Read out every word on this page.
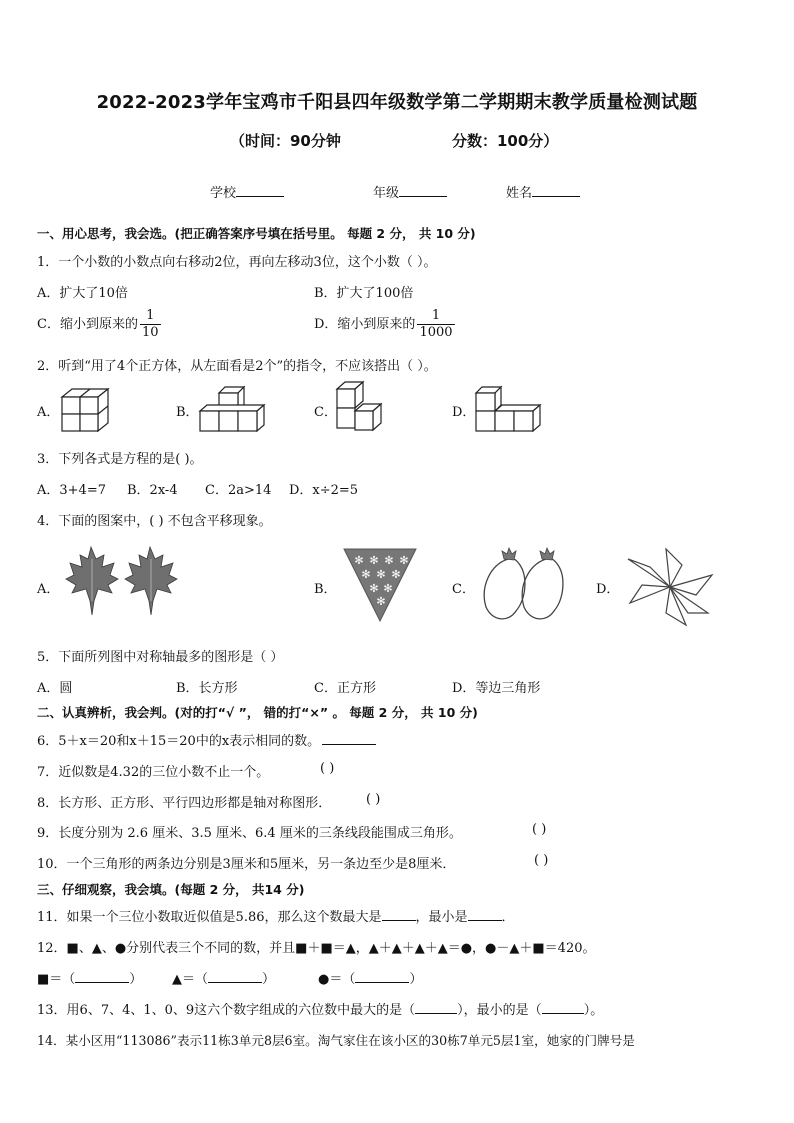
2022-2023学年宝鸡市千阳县四年级数学第二学期期末教学质量检测试题
（时间：90分钟	分数：100分）
学校	年级	姓名
一、用心思考，我会选。(把正确答案序号填在括号里。 每题 2 分， 共 10 分)
1．一个小数的小数点向右移动2位，再向左移动3位，这个小数（ ）。
A．扩大了10倍	B．扩大了100倍
C．缩小到原来的 $\frac{1}{10}$	D．缩小到原来的 $\frac{1}{1000}$
2．听到“用了4个正方体，从左面看是2个”的指令，不应该搭出（ ）。
A．	B．	C．	D．
3．下列各式是方程的是( )。
A．3+4=7 B．2x-4 C．2a>14 D．x÷2=5
4．下面的图案中，( ) 不包含平移现象。
A．	B．	C．	D．
✻ ✻ ✻ ✻
✻ ✻ ✻
✻ ✻
✻
5．下面所列图中对称轴最多的图形是（ ）
A．圆	B．长方形	C．正方形	D．等边三角形
二、认真辨析，我会判。(对的打“√ ”， 错的打“×” 。 每题 2 分， 共 10 分)
6．5＋x＝20和x＋15＝20中的x表示相同的数。
7．近似数是4.32的三位小数不止一个。	( )
8．长方形、正方形、平行四边形都是轴对称图形．	( )
9．长度分别为 2.6 厘米、3.5 厘米、6.4 厘米的三条线段能围成三角形。	( )
10．一个三角形的两条边分别是3厘米和5厘米，另一条边至少是8厘米．	( )
三、仔细观察，我会填。(每题 2 分， 共14 分)
11．如果一个三位小数取近似值是5.86，那么这个数最大是	，最小是	．
12．■、▲、●分别代表三个不同的数，并且■＋■＝▲，▲＋▲＋▲＋▲＝●，●－▲＋■＝420。
■＝（	） ▲＝（	）	●＝（	）
13．用6、7、4、1、0、9这六个数字组成的六位数中最大的是（	），最小的是（	）。
14．某小区用“113086”表示11栋3单元8层6室。淘气家住在该小区的30栋7单元5层1室，她家的门牌号是
